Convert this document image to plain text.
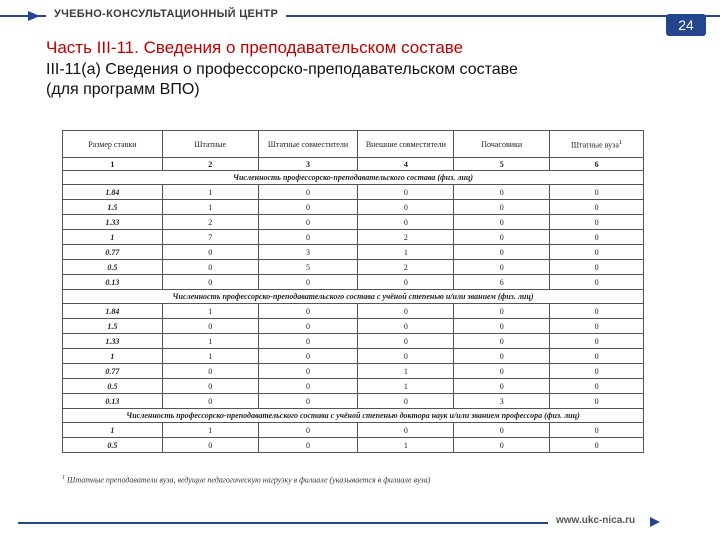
УЧЕБНО-КОНСУЛЬТАЦИОННЫЙ ЦЕНТР
24
Часть III-11. Сведения о преподавательском составе
III-11(а) Сведения о профессорско-преподавательском составе
(для программ ВПО)
Размер ставки	Штатные	Штатные совместители	Внешние совместители	Почасовики	Штатные вуза$^1$
1	2	3	4	5	6
Численность профессорско-преподавательского состава (физ. лиц)					
1.84	1	0	0	0	0
1.5	1	0	0	0	0
1.33	2	0	0	0	0
1	7	0	2	0	0
0.77	0	3	1	0	0
0.5	0	5	2	0	0
0.13	0	0	0	6	0
Численность профессорско-преподавательского состава с учёной степенью и/или званием (физ. лиц)					
1.84	1	0	0	0	0
1.5	0	0	0	0	0
1.33	1	0	0	0	0
1	1	0	0	0	0
0.77	0	0	1	0	0
0.5	0	0	1	0	0
0.13	0	0	0	3	0
Численность профессорско-преподавательского состава с учёной степенью доктора наук и/или званием профессора (физ. лиц)					
1	1	0	0	0	0
0.5	0	0	1	0	0
$^1$ Штатные преподаватели вуза, ведущие педагогическую нагрузку в филиале (указывается в филиале вуза)
www.ukc-nica.ru
